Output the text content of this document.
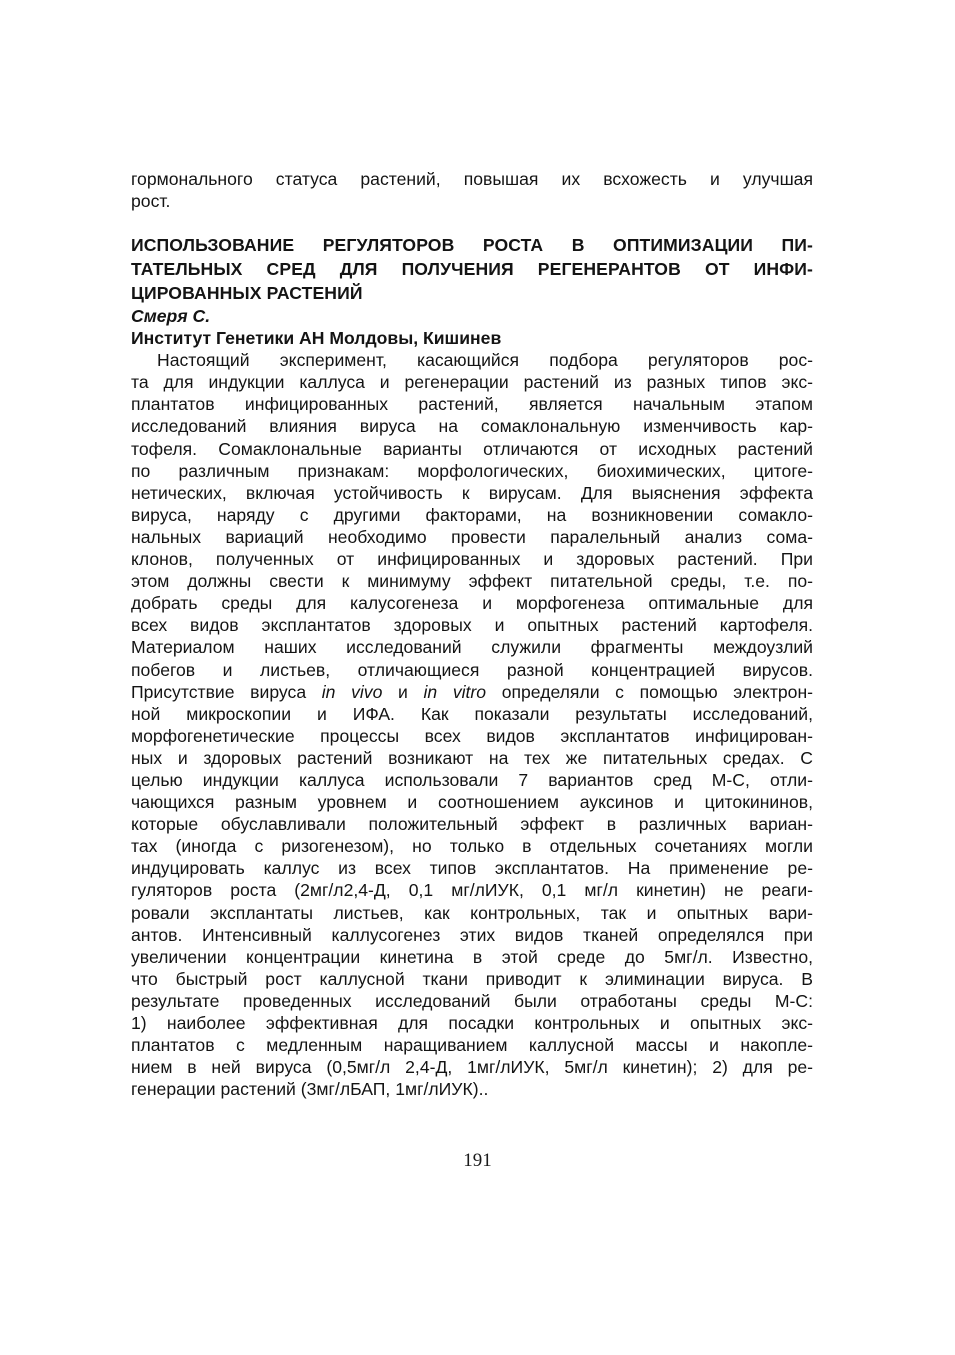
гормонального статуса растений, повышая их всхожесть и улучшая
рост.
ИСПОЛЬЗОВАНИЕ РЕГУЛЯТОРОВ РОСТА В ОПТИМИЗАЦИИ ПИ-
ТАТЕЛЬНЫХ СРЕД ДЛЯ ПОЛУЧЕНИЯ РЕГЕНЕРАНТОВ ОТ ИНФИ-
ЦИРОВАННЫХ РАСТЕНИЙ
Смеря С.
Институт Генетики АН Молдовы, Кишинев
Настоящий эксперимент, касающийся подбора регуляторов рос-
та для индукции каллуса и регенерации растений из разных типов экс-
плантатов инфицированных растений, является начальным этапом
исследований влияния вируса на сомаклональную изменчивость кар-
тофеля. Сомаклональные варианты отличаются от исходных растений
по различным признакам: морфологических, биохимических, цитоге-
нетических, включая устойчивость к вирусам. Для выяснения эффекта
вируса, наряду с другими факторами, на возникновении сомакло-
нальных вариаций необходимо провести паралельный анализ сома-
клонов, полученных от инфицированных и здоровых растений. При
этом должны свести к минимуму эффект питательной среды, т.е. по-
добрать среды для калусогенеза и морфогенеза оптимальные для
всех видов эксплантатов здоровых и опытных растений картофеля.
Материалом наших исследований служили фрагменты междоузлий
побегов и листьев, отличающиеся разной концентрацией вирусов.
Присутствие вируса in vivo и in vitro определяли с помощью электрон-
ной микроскопии и ИФА. Как показали результаты исследований,
морфогенетические процессы всех видов эксплантатов инфицирован-
ных и здоровых растений возникают на тех же питательных средах. С
целью индукции каллуса использовали 7 вариантов сред М-С, отли-
чающихся разным уровнем и соотношением ауксинов и цитокининов,
которые обуславливали положительный эффект в различных вариан-
тах (иногда с ризогенезом), но только в отдельных сочетаниях могли
индуцировать каллус из всех типов эксплантатов. На применение ре-
гуляторов роста (2мг/л2,4-Д, 0,1 мг/лИУК, 0,1 мг/л кинетин) не реаги-
ровали эксплантаты листьев, как контрольных, так и опытных вари-
антов. Интенсивный каллусогенез этих видов тканей определялся при
увеличении концентрации кинетина в этой среде до 5мг/л. Известно,
что быстрый рост каллусной ткани приводит к элиминации вируса. В
результате проведенных исследований были отработаны среды М-С:
1) наиболее эффективная для посадки контрольных и опытных экс-
плантатов с медленным наращиванием каллусной массы и накопле-
нием в ней вируса (0,5мг/л 2,4-Д, 1мг/лИУК, 5мг/л кинетин); 2) для ре-
генерации растений (3мг/лБАП, 1мг/лИУК)..
191
